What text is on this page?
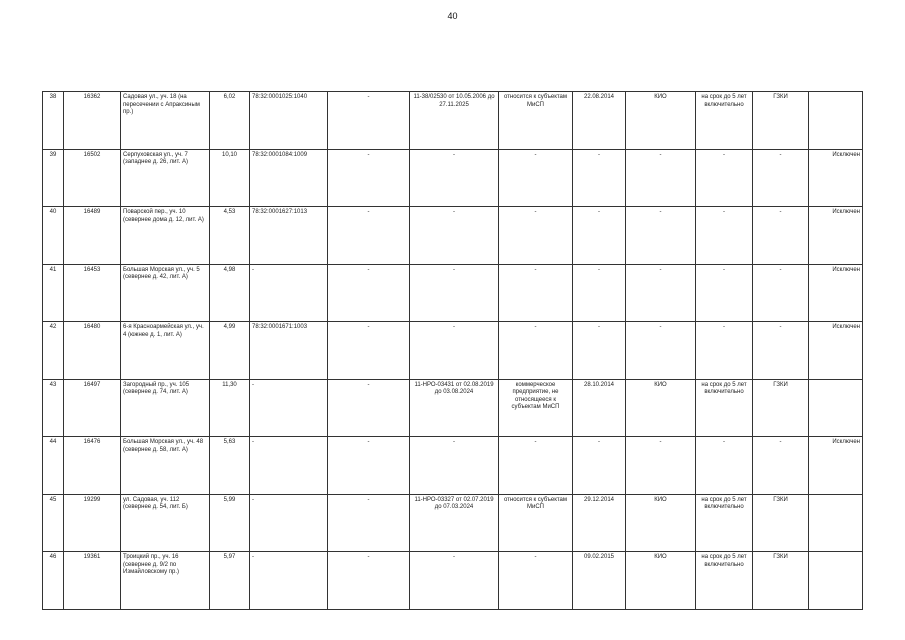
40
38	16362	Садовая ул., уч. 18 (на пересечении с Апраксиным пр.)	6,02	78:32:0001025:1040	-	11-38/02530 от 10.05.2006 до 27.11.2025	относится к субъектам МиСП	22.08.2014	КИО	на срок до 5 лет включительно	ГЗКИ	
39	16502	Серпуховская ул., уч. 7 (западнее д. 26, лит. А)	10,10	78:32:0001084:1009	-	-	-	-	-	-	-	Исключен
40	16489	Поварской пер., уч. 10 (севернее дома д. 12, лит. А)	4,53	78:32:0001627:1013	-	-	-	-	-	-	-	Исключен
41	16453	Большая Морская ул., уч. 5 (севернее д. 42, лит. А)	4,98	-	-	-	-	-	-	-	-	Исключен
42	16480	6-я Красноармейская ул., уч. 4 (южнее д. 1, лит. А)	4,99	78:32:0001671:1003	-	-	-	-	-	-	-	Исключен
43	16497	Загородный пр., уч. 105 (севернее д. 74, лит. А)	11,30	-	-	11-НРО-03431 от 02.08.2019 до 03.08.2024	коммерческое предприятие, не относящееся к субъектам МиСП	28.10.2014	КИО	на срок до 5 лет включительно	ГЗКИ	
44	16476	Большая Морская ул., уч. 48 (севернее д. 58, лит. А)	5,63	-	-	-	-	-	-	-	-	Исключен
45	19299	ул. Садовая, уч. 112 (севернее д. 54, лит. Б)	5,99	-	-	11-НРО-03327 от 02.07.2019 до 07.03.2024	относится к субъектам МиСП	29.12.2014	КИО	на срок до 5 лет включительно	ГЗКИ	
46	19361	Троицкий пр., уч. 16 (севернее д. 9/2 по Измайловскому пр.)	5,97	-	-	-	-	09.02.2015	КИО	на срок до 5 лет включительно	ГЗКИ	
